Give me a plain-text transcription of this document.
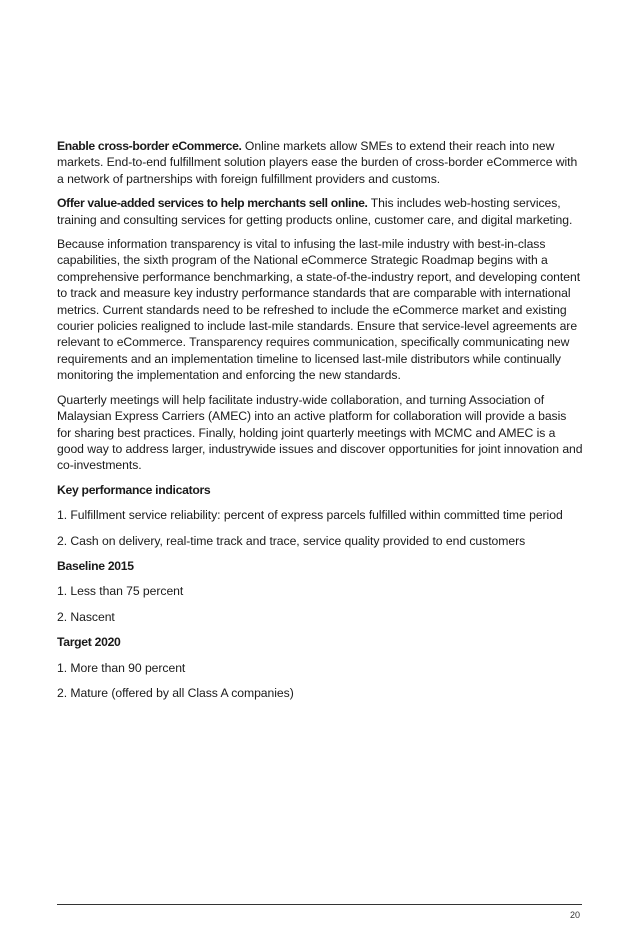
Enable cross-border eCommerce. Online markets allow SMEs to extend their reach into new markets. End-to-end fulfillment solution players ease the burden of cross-border eCommerce with a network of partnerships with foreign fulfillment providers and customs.

Offer value-added services to help merchants sell online. This includes web-hosting services, training and consulting services for getting products online, customer care, and digital marketing.

Because information transparency is vital to infusing the last-mile industry with best-in-class capabilities, the sixth program of the National eCommerce Strategic Roadmap begins with a comprehensive performance benchmarking, a state-of-the-industry report, and developing content to track and measure key industry performance standards that are comparable with international metrics. Current standards need to be refreshed to include the eCommerce market and existing courier policies realigned to include last-mile standards. Ensure that service-level agreements are relevant to eCommerce. Transparency requires communication, specifically communicating new requirements and an implementation timeline to licensed last-mile distributors while continually monitoring the implementation and enforcing the new standards.

Quarterly meetings will help facilitate industry-wide collaboration, and turning Association of Malaysian Express Carriers (AMEC) into an active platform for collaboration will provide a basis for sharing best practices. Finally, holding joint quarterly meetings with MCMC and AMEC is a good way to address larger, industrywide issues and discover opportunities for joint innovation and co-investments.

Key performance indicators
1. Fulfillment service reliability: percent of express parcels fulfilled within committed time period
2. Cash on delivery, real-time track and trace, service quality provided to end customers
Baseline 2015
1. Less than 75 percent
2. Nascent
Target 2020
1. More than 90 percent
2. Mature (offered by all Class A companies)
20
